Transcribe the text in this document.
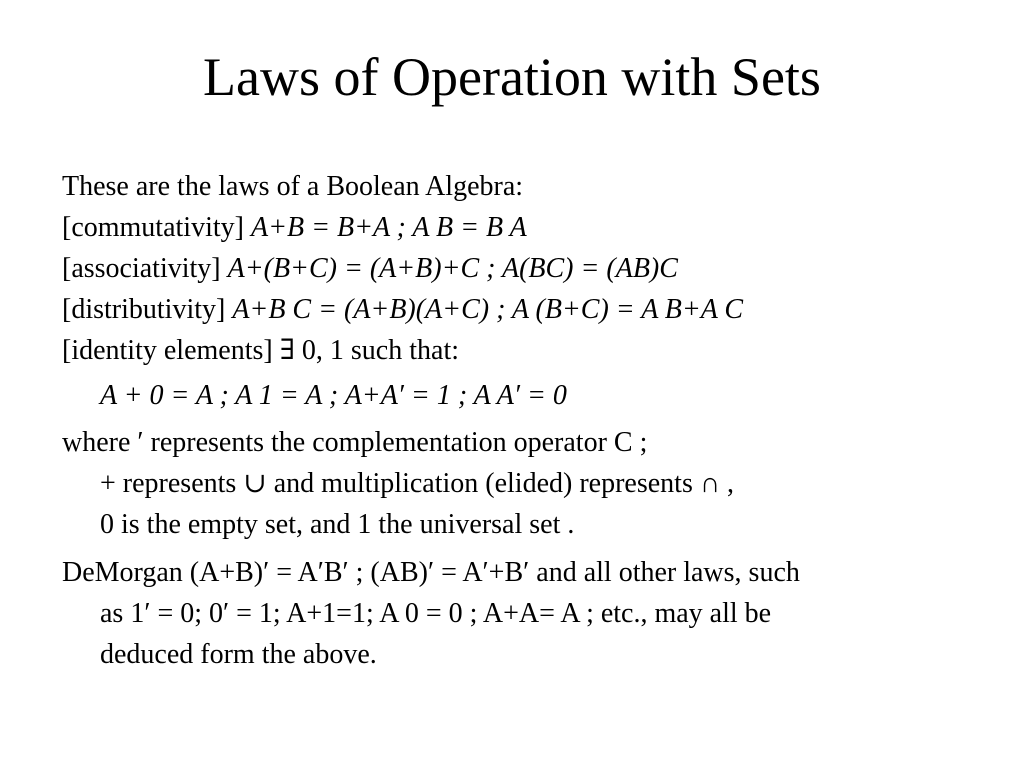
Laws of Operation with Sets
These are the laws of a Boolean Algebra:
[commutativity] A+B = B+A ; A B = B A
[associativity] A+(B+C) = (A+B)+C ; A(BC) = (AB)C
[distributivity] A+B C = (A+B)(A+C) ; A (B+C) = A B+A C
[identity elements] ∃ 0, 1 such that:
A + 0 = A ; A 1 = A ; A+A′ = 1 ; A A′ = 0
where ′ represents the complementation operator C ;
+ represents ∪ and multiplication (elided) represents ∩ ,
0 is the empty set, and 1 the universal set .
DeMorgan (A+B)′ = A′B′ ; (AB)′ = A′+B′ and all other laws, such
as 1′ = 0; 0′ = 1; A+1=1; A 0 = 0 ; A+A= A ; etc., may all be
deduced form the above.
